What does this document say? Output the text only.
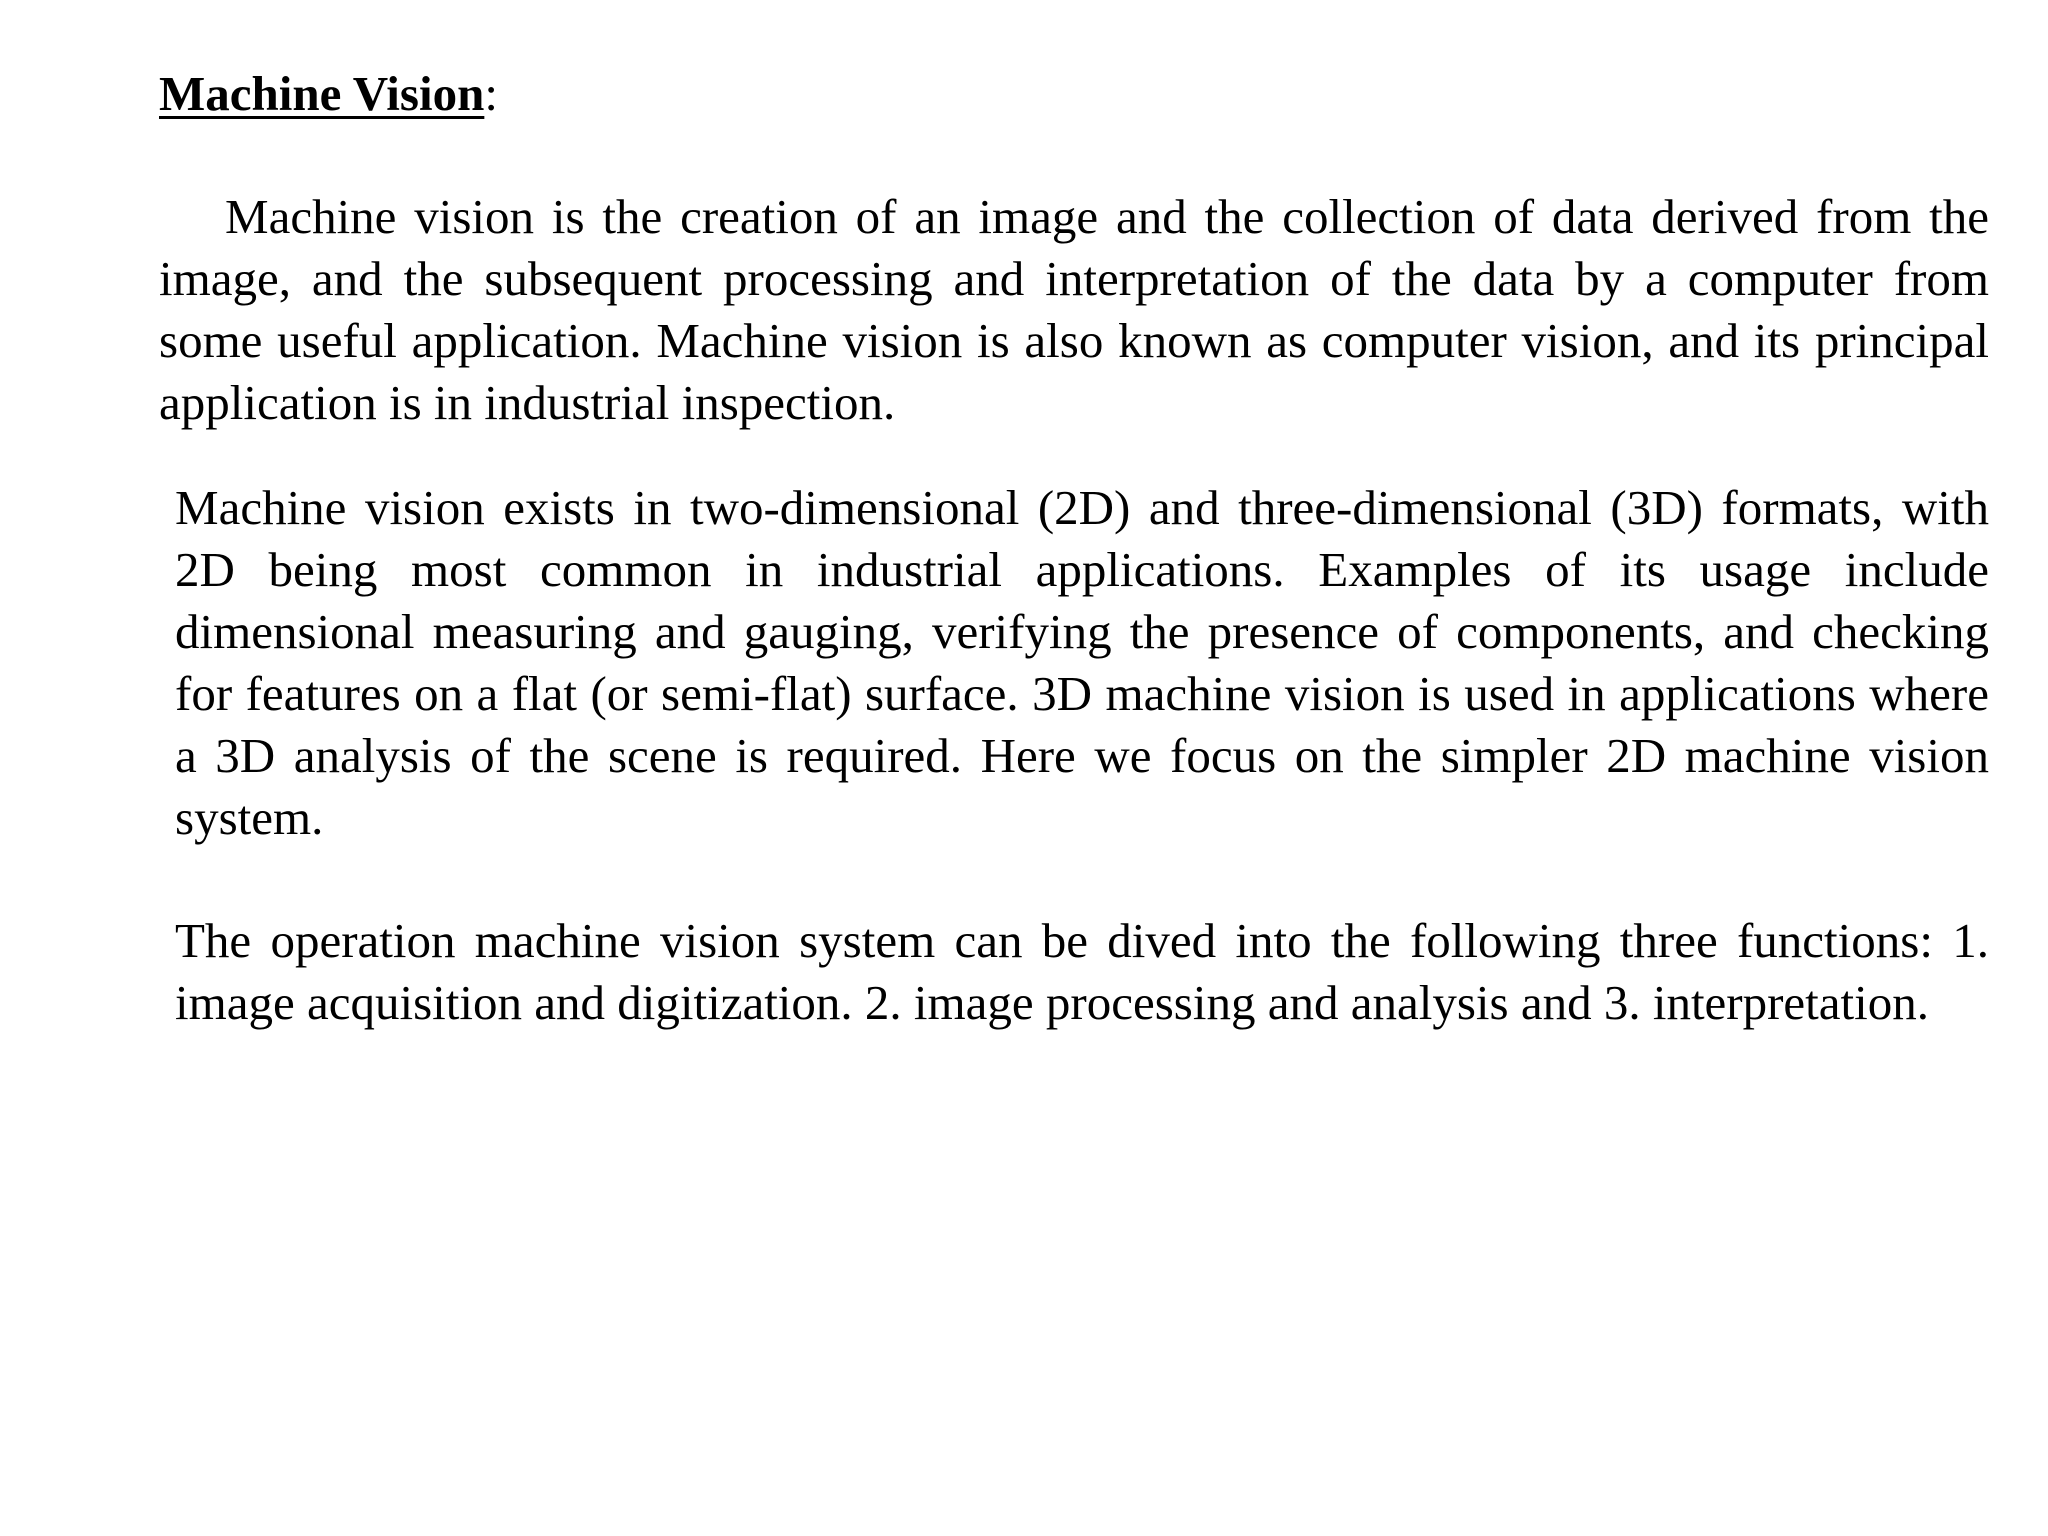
Machine Vision:

Machine vision is the creation of an image and the collection of data derived from the image, and the subsequent processing and interpretation of the data by a computer from some useful application. Machine vision is also known as computer vision, and its principal application is in industrial inspection.

Machine vision exists in two-dimensional (2D) and three-dimensional (3D) formats, with 2D being most common in industrial applications. Examples of its usage include dimensional measuring and gauging, verifying the presence of components, and checking for features on a flat (or semi-flat) surface. 3D machine vision is used in applications where a 3D analysis of the scene is required. Here we focus on the simpler 2D machine vision system.

The operation machine vision system can be dived into the following three functions: 1. image acquisition and digitization. 2. image processing and analysis and 3. interpretation.
